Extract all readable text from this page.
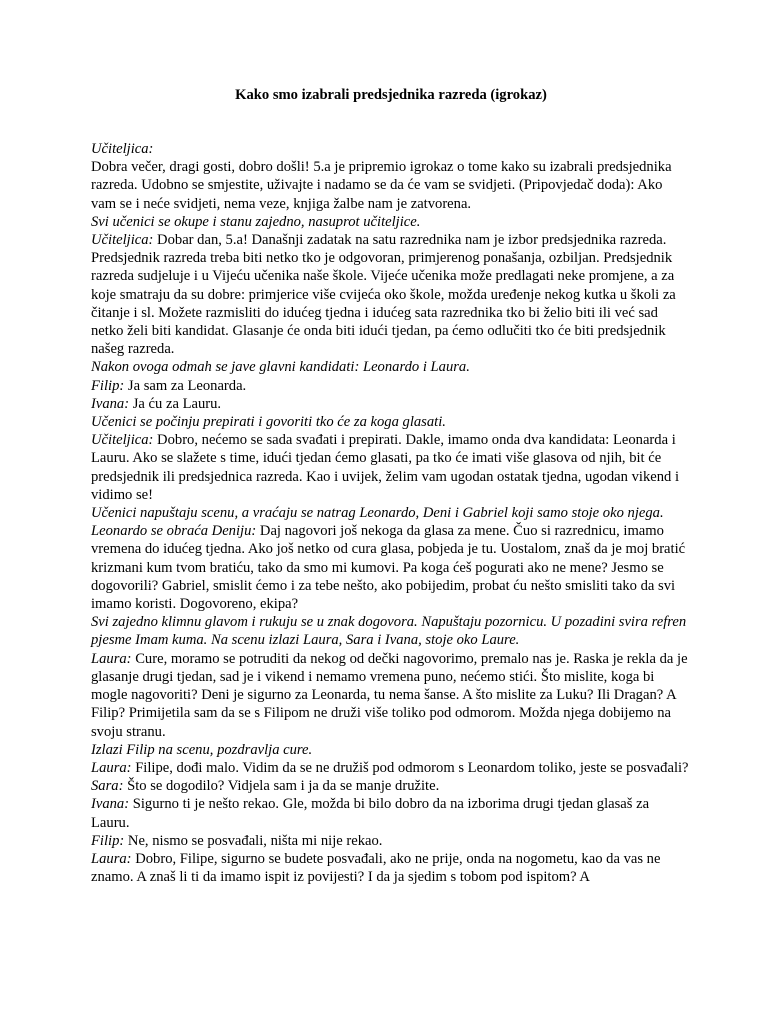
Kako smo izabrali predsjednika razreda (igrokaz)

Učiteljica:

Dobra večer, dragi gosti, dobro došli! 5.a je pripremio igrokaz o tome kako su izabrali predsjednika razreda. Udobno se smjestite, uživajte i nadamo se da će vam se svidjeti. (Pripovjedač doda): Ako vam se i neće svidjeti, nema veze, knjiga žalbe nam je zatvorena.

Svi učenici se okupe i stanu zajedno, nasuprot učiteljice.

Učiteljica: Dobar dan, 5.a! Današnji zadatak na satu razrednika nam je izbor predsjednika razreda. Predsjednik razreda treba biti netko tko je odgovoran, primjerenog ponašanja, ozbiljan. Predsjednik razreda sudjeluje i u Vijeću učenika naše škole. Vijeće učenika može predlagati neke promjene, a za koje smatraju da su dobre: primjerice više cvijeća oko škole, možda uređenje nekog kutka u školi za čitanje i sl. Možete razmisliti do idućeg tjedna i idućeg sata razrednika tko bi želio biti ili već sad netko želi biti kandidat. Glasanje će onda biti idući tjedan, pa ćemo odlučiti tko će biti predsjednik našeg razreda.

Nakon ovoga odmah se jave glavni kandidati: Leonardo i Laura.

Filip: Ja sam za Leonarda.

Ivana: Ja ću za Lauru.

Učenici se počinju prepirati i govoriti tko će za koga glasati.

Učiteljica: Dobro, nećemo se sada svađati i prepirati. Dakle, imamo onda dva kandidata: Leonarda i Lauru. Ako se slažete s time, idući tjedan ćemo glasati, pa tko će imati više glasova od njih, bit će predsjednik ili predsjednica razreda. Kao i uvijek, želim vam ugodan ostatak tjedna, ugodan vikend i vidimo se!

Učenici napuštaju scenu, a vraćaju se natrag Leonardo, Deni i Gabriel koji samo stoje oko njega.

Leonardo se obraća Deniju: Daj nagovori još nekoga da glasa za mene. Čuo si razrednicu, imamo vremena do idućeg tjedna. Ako još netko od cura glasa, pobjeda je tu. Uostalom, znaš da je moj bratić krizmani kum tvom bratiću, tako da smo mi kumovi. Pa koga ćeš pogurati ako ne mene? Jesmo se dogovorili? Gabriel, smislit ćemo i za tebe nešto, ako pobijedim, probat ću nešto smisliti tako da svi imamo koristi. Dogovoreno, ekipa?

Svi zajedno klimnu glavom i rukuju se u znak dogovora. Napuštaju pozornicu. U pozadini svira refren pjesme Imam kuma. Na scenu izlazi Laura, Sara i Ivana, stoje oko Laure.

Laura: Cure, moramo se potruditi da nekog od dečki nagovorimo, premalo nas je. Raska je rekla da je glasanje drugi tjedan, sad je i vikend i nemamo vremena puno, nećemo stići. Što mislite, koga bi mogle nagovoriti? Deni je sigurno za Leonarda, tu nema šanse. A što mislite za Luku? Ili Dragan? A Filip? Primijetila sam da se s Filipom ne druži više toliko pod odmorom. Možda njega dobijemo na svoju stranu.

Izlazi Filip na scenu, pozdravlja cure.

Laura: Filipe, dođi malo. Vidim da se ne družiš pod odmorom s Leonardom toliko, jeste se posvađali?

Sara: Što se dogodilo? Vidjela sam i ja da se manje družite.

Ivana: Sigurno ti je nešto rekao. Gle, možda bi bilo dobro da na izborima drugi tjedan glasaš za Lauru.

Filip: Ne, nismo se posvađali, ništa mi nije rekao.

Laura: Dobro, Filipe, sigurno se budete posvađali, ako ne prije, onda na nogometu, kao da vas ne znamo. A znaš li ti da imamo ispit iz povijesti? I da ja sjedim s tobom pod ispitom? A
